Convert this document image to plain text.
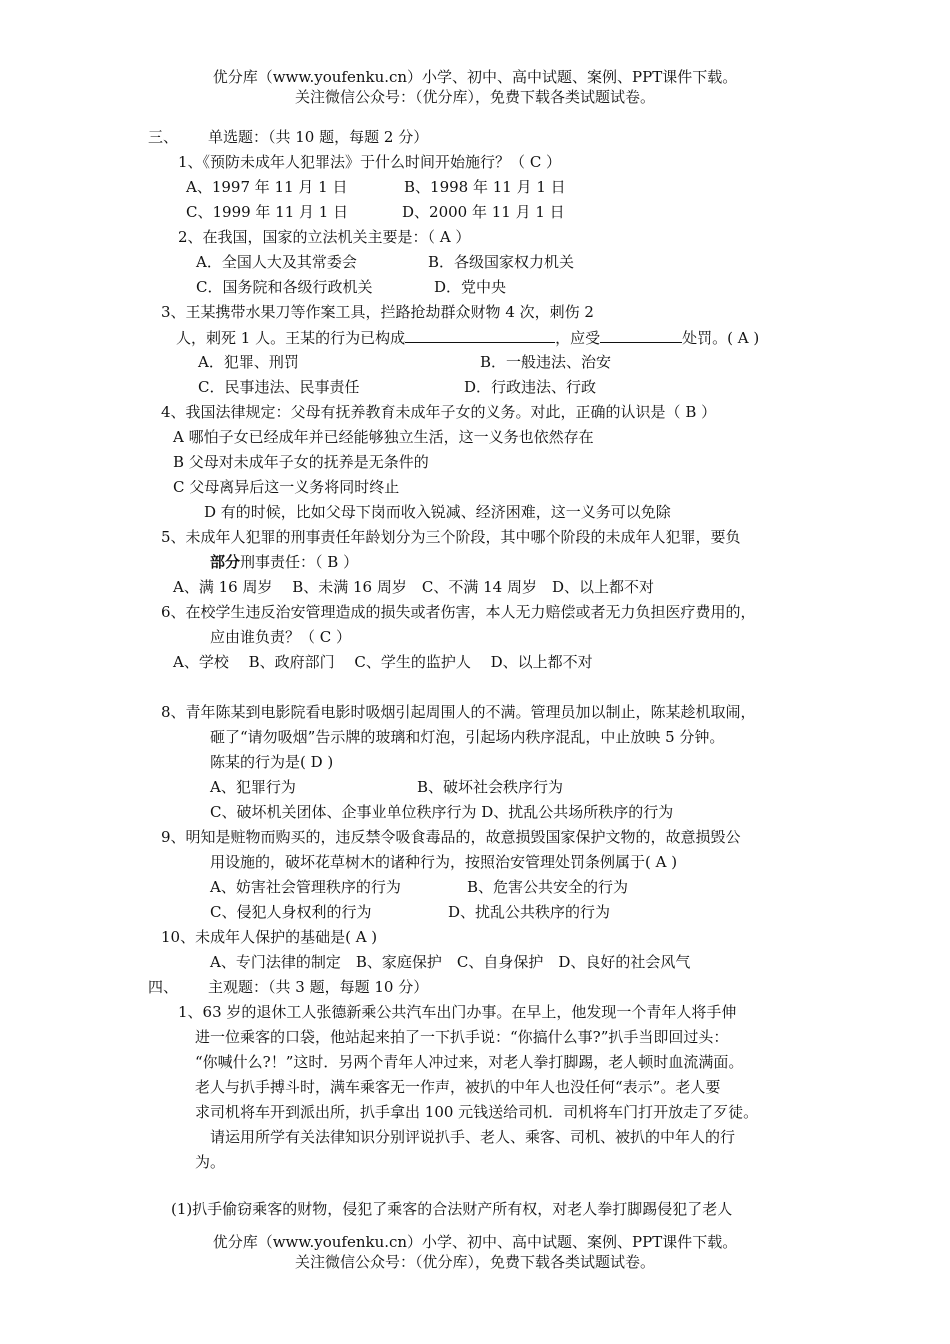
优分库（www.youfenku.cn）小学、初中、高中试题、案例、PPT课件下载。
关注微信公众号：（优分库），免费下载各类试题试卷。
三、 单选题：（共 10 题，每题 2 分）
1、《预防未成年人犯罪法》于什么时间开始施行？（ C ）
A、1997 年 11 月 1 日	B、1998 年 11 月 1 日
C、1999 年 11 月 1 日	D、2000 年 11 月 1 日
2、在我国，国家的立法机关主要是：（ A ）
A．全国人大及其常委会	B．各级国家权力机关
C．国务院和各级行政机关	D．党中央
3、王某携带水果刀等作案工具，拦路抢劫群众财物 4 次，刺伤 2
人，刺死 1 人。王某的行为已构成	，应受	处罚。( A )
A．犯罪、刑罚	B．一般违法、治安
C．民事违法、民事责任	D．行政违法、行政
4、我国法律规定：父母有抚养教育未成年子女的义务。对此，正确的认识是（ B ）
A 哪怕子女已经成年并已经能够独立生活，这一义务也依然存在
B 父母对未成年子女的抚养是无条件的
C 父母离异后这一义务将同时终止
D 有的时候，比如父母下岗而收入锐减、经济困难，这一义务可以免除
5、未成年人犯罪的刑事责任年龄划分为三个阶段，其中哪个阶段的未成年人犯罪，要负
部分刑事责任：（ B ）
A、满 16 周岁　 B、未满 16 周岁　C、不满 14 周岁　D、以上都不对
6、在校学生违反治安管理造成的损失或者伤害，本人无力赔偿或者无力负担医疗费用的，
应由谁负责？（ C ）
A、学校　 B、政府部门　 C、学生的监护人　 D、以上都不对
8、青年陈某到电影院看电影时吸烟引起周围人的不满。管理员加以制止，陈某趁机取闹，
砸了“请勿吸烟”告示牌的玻璃和灯泡，引起场内秩序混乱，中止放映 5 分钟。
陈某的行为是( D )
A、犯罪行为	B、破坏社会秩序行为
C、破坏机关团体、企事业单位秩序行为 D、扰乱公共场所秩序的行为
9、明知是赃物而购买的，违反禁令吸食毒品的，故意损毁国家保护文物的，故意损毁公
用设施的，破坏花草树木的诸种行为，按照治安管理处罚条例属于( A )
A、妨害社会管理秩序的行为	B、危害公共安全的行为
C、侵犯人身权利的行为	D、扰乱公共秩序的行为
10、未成年人保护的基础是( A )
A、专门法律的制定　B、家庭保护　C、自身保护　D、良好的社会风气
四、 主观题：（共 3 题，每题 10 分）
1、63 岁的退休工人张德新乘公共汽车出门办事。在早上，他发现一个青年人将手伸
进一位乘客的口袋，他站起来拍了一下扒手说：“你搞什么事?”扒手当即回过头：
“你喊什么?！”这时．另两个青年人冲过来，对老人拳打脚踢，老人顿时血流满面。
老人与扒手搏斗时，满车乘客无一作声，被扒的中年人也没任何“表示”。老人要
求司机将车开到派出所，扒手拿出 100 元钱送给司机．司机将车门打开放走了歹徒。
请运用所学有关法律知识分别评说扒手、老人、乘客、司机、被扒的中年人的行
为。
(1)扒手偷窃乘客的财物，侵犯了乘客的合法财产所有权，对老人拳打脚踢侵犯了老人
优分库（www.youfenku.cn）小学、初中、高中试题、案例、PPT课件下载。
关注微信公众号：（优分库），免费下载各类试题试卷。
